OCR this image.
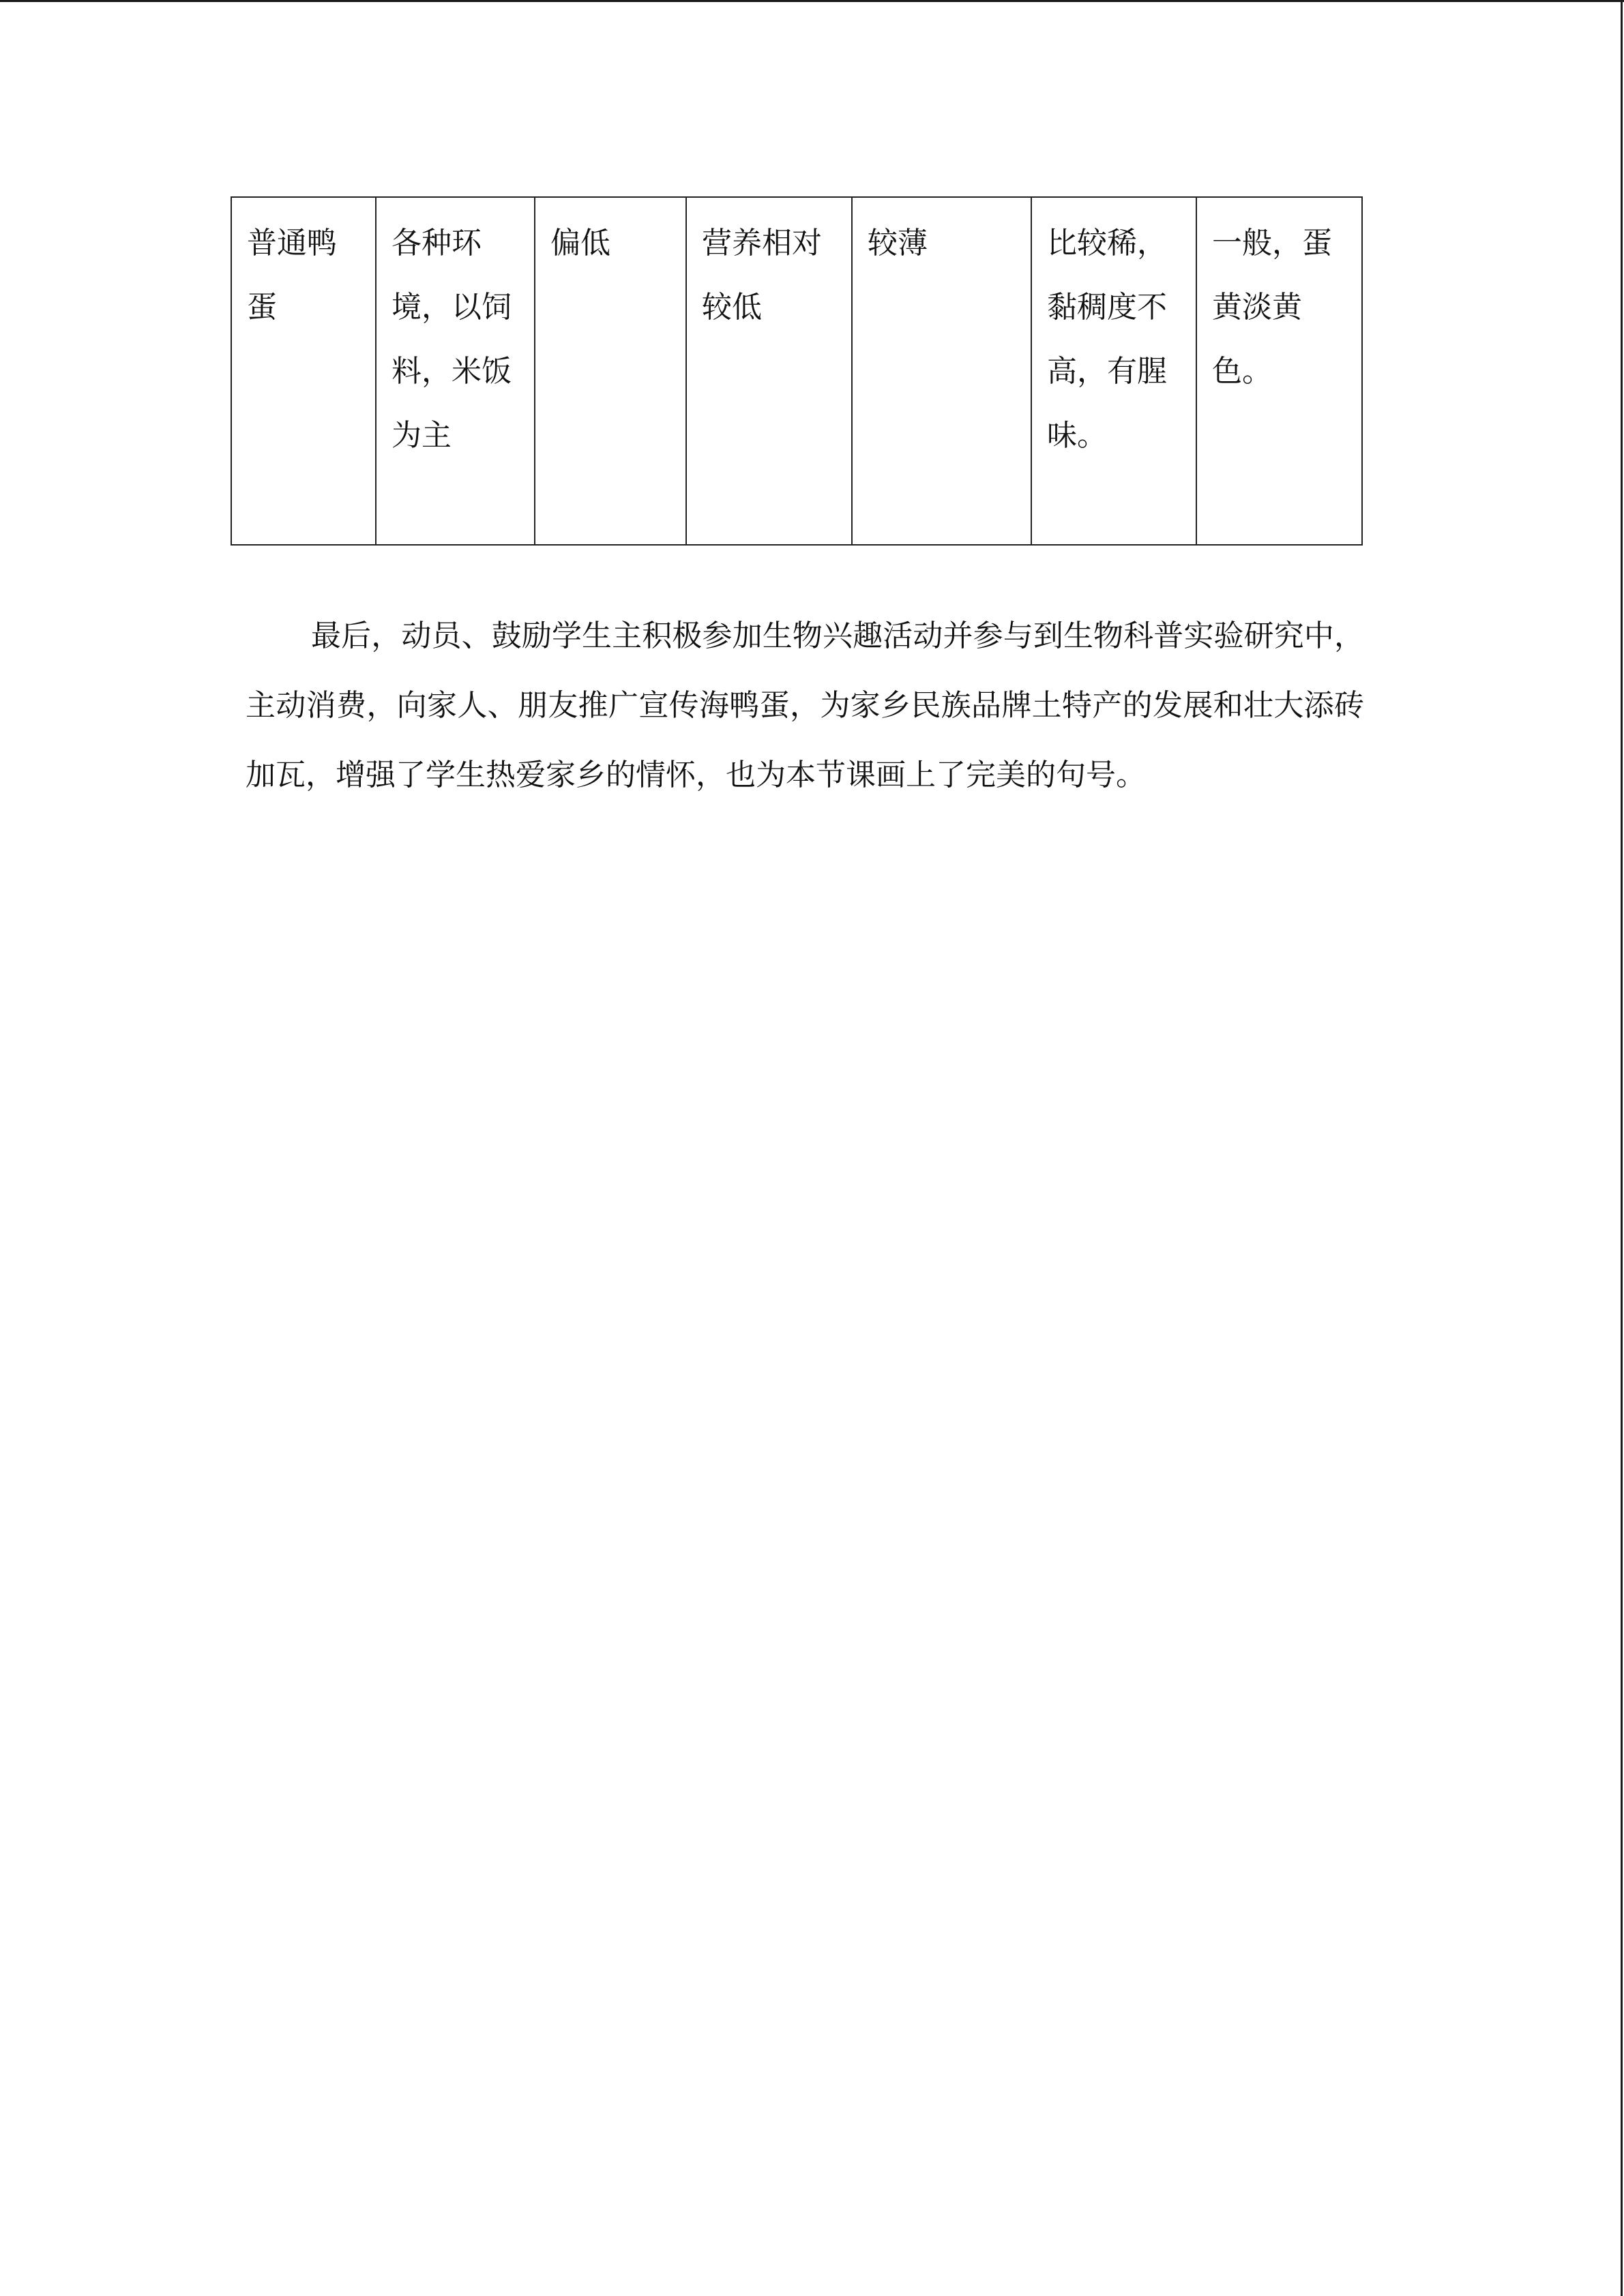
普通鸭蛋	各种环境，以饲料，米饭为主	偏低	营养相对较低	较薄	比较稀，黏稠度不高，有腥味。	一般，蛋黄淡黄色。

最后，动员、鼓励学生主积极参加生物兴趣活动并参与到生物科普实验研究中，主动消费，向家人、朋友推广宣传海鸭蛋，为家乡民族品牌土特产的发展和壮大添砖加瓦，增强了学生热爱家乡的情怀，也为本节课画上了完美的句号。
